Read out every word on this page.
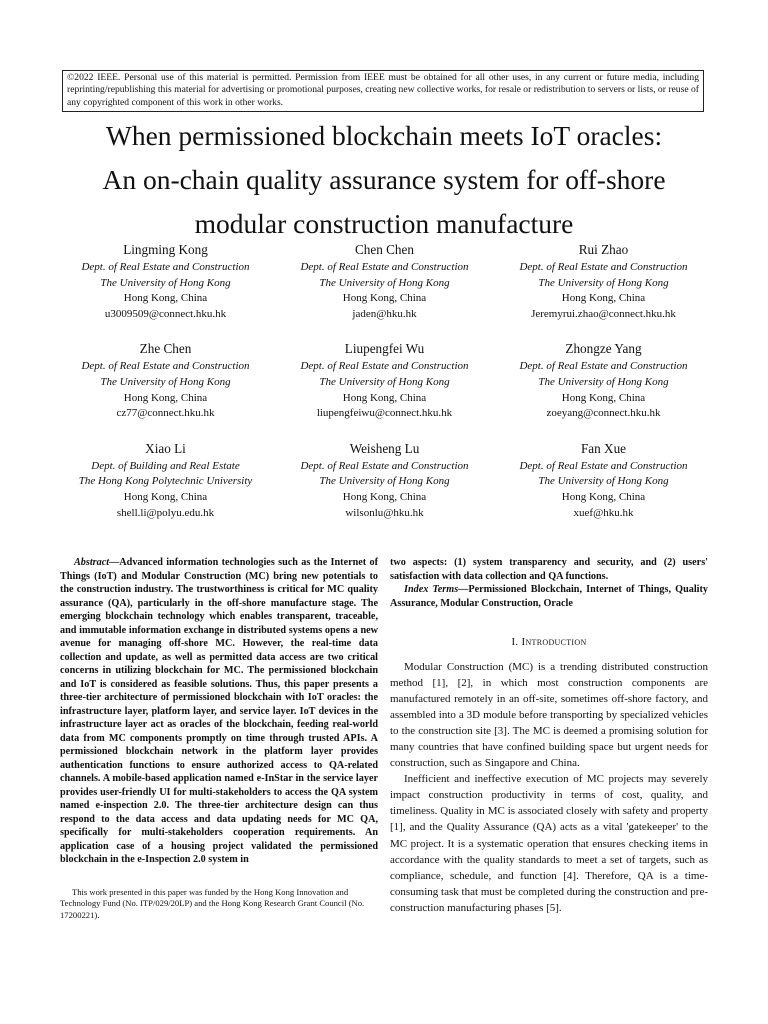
©2022 IEEE. Personal use of this material is permitted. Permission from IEEE must be obtained for all other uses, in any current or future media, including reprinting/republishing this material for advertising or promotional purposes, creating new collective works, for resale or redistribution to servers or lists, or reuse of any copyrighted component of this work in other works.
When permissioned blockchain meets IoT oracles:
An on-chain quality assurance system for off-shore
modular construction manufacture
Lingming Kong
Dept. of Real Estate and Construction
The University of Hong Kong
Hong Kong, China
u3009509@connect.hku.hk
Chen Chen
Dept. of Real Estate and Construction
The University of Hong Kong
Hong Kong, China
jaden@hku.hk
Rui Zhao
Dept. of Real Estate and Construction
The University of Hong Kong
Hong Kong, China
Jeremyrui.zhao@connect.hku.hk
Zhe Chen
Dept. of Real Estate and Construction
The University of Hong Kong
Hong Kong, China
cz77@connect.hku.hk
Liupengfei Wu
Dept. of Real Estate and Construction
The University of Hong Kong
Hong Kong, China
liupengfeiwu@connect.hku.hk
Zhongze Yang
Dept. of Real Estate and Construction
The University of Hong Kong
Hong Kong, China
zoeyang@connect.hku.hk
Xiao Li
Dept. of Building and Real Estate
The Hong Kong Polytechnic University
Hong Kong, China
shell.li@polyu.edu.hk
Weisheng Lu
Dept. of Real Estate and Construction
The University of Hong Kong
Hong Kong, China
wilsonlu@hku.hk
Fan Xue
Dept. of Real Estate and Construction
The University of Hong Kong
Hong Kong, China
xuef@hku.hk

Abstract—Advanced information technologies such as the Internet of Things (IoT) and Modular Construction (MC) bring new potentials to the construction industry. The trustworthiness is critical for MC quality assurance (QA), particularly in the off-shore manufacture stage. The emerging blockchain technology which enables transparent, traceable, and immutable information exchange in distributed systems opens a new avenue for managing off-shore MC. However, the real-time data collection and update, as well as permitted data access are two critical concerns in utilizing blockchain for MC. The permissioned blockchain and IoT is considered as feasible solutions. Thus, this paper presents a three-tier architecture of permissioned blockchain with IoT oracles: the infrastructure layer, platform layer, and service layer. IoT devices in the infrastructure layer act as oracles of the blockchain, feeding real-world data from MC components promptly on time through trusted APIs. A permissioned blockchain network in the platform layer provides authentication functions to ensure authorized access to QA-related channels. A mobile-based application named e-InStar in the service layer provides user-friendly UI for multi-stakeholders to access the QA system named e-inspection 2.0. The three-tier architecture design can thus respond to the data access and data updating needs for MC QA, specifically for multi-stakeholders cooperation requirements. An application case of a housing project validated the permissioned blockchain in the e-Inspection 2.0 system in

This work presented in this paper was funded by the Hong Kong Innovation and Technology Fund (No. ITP/029/20LP) and the Hong Kong Research Grant Council (No. 17200221).

two aspects: (1) system transparency and security, and (2) users' satisfaction with data collection and QA functions.

Index Terms—Permissioned Blockchain, Internet of Things, Quality Assurance, Modular Construction, Oracle

I. Introduction

Modular Construction (MC) is a trending distributed construction method [1], [2], in which most construction components are manufactured remotely in an off-site, sometimes off-shore factory, and assembled into a 3D module before transporting by specialized vehicles to the construction site [3]. The MC is deemed a promising solution for many countries that have confined building space but urgent needs for construction, such as Singapore and China.

Inefficient and ineffective execution of MC projects may severely impact construction productivity in terms of cost, quality, and timeliness. Quality in MC is associated closely with safety and property [1], and the Quality Assurance (QA) acts as a vital 'gatekeeper' to the MC project. It is a systematic operation that ensures checking items in accordance with the quality standards to meet a set of targets, such as compliance, schedule, and function [4]. Therefore, QA is a time-consuming task that must be completed during the construction and pre-construction manufacturing phases [5].
